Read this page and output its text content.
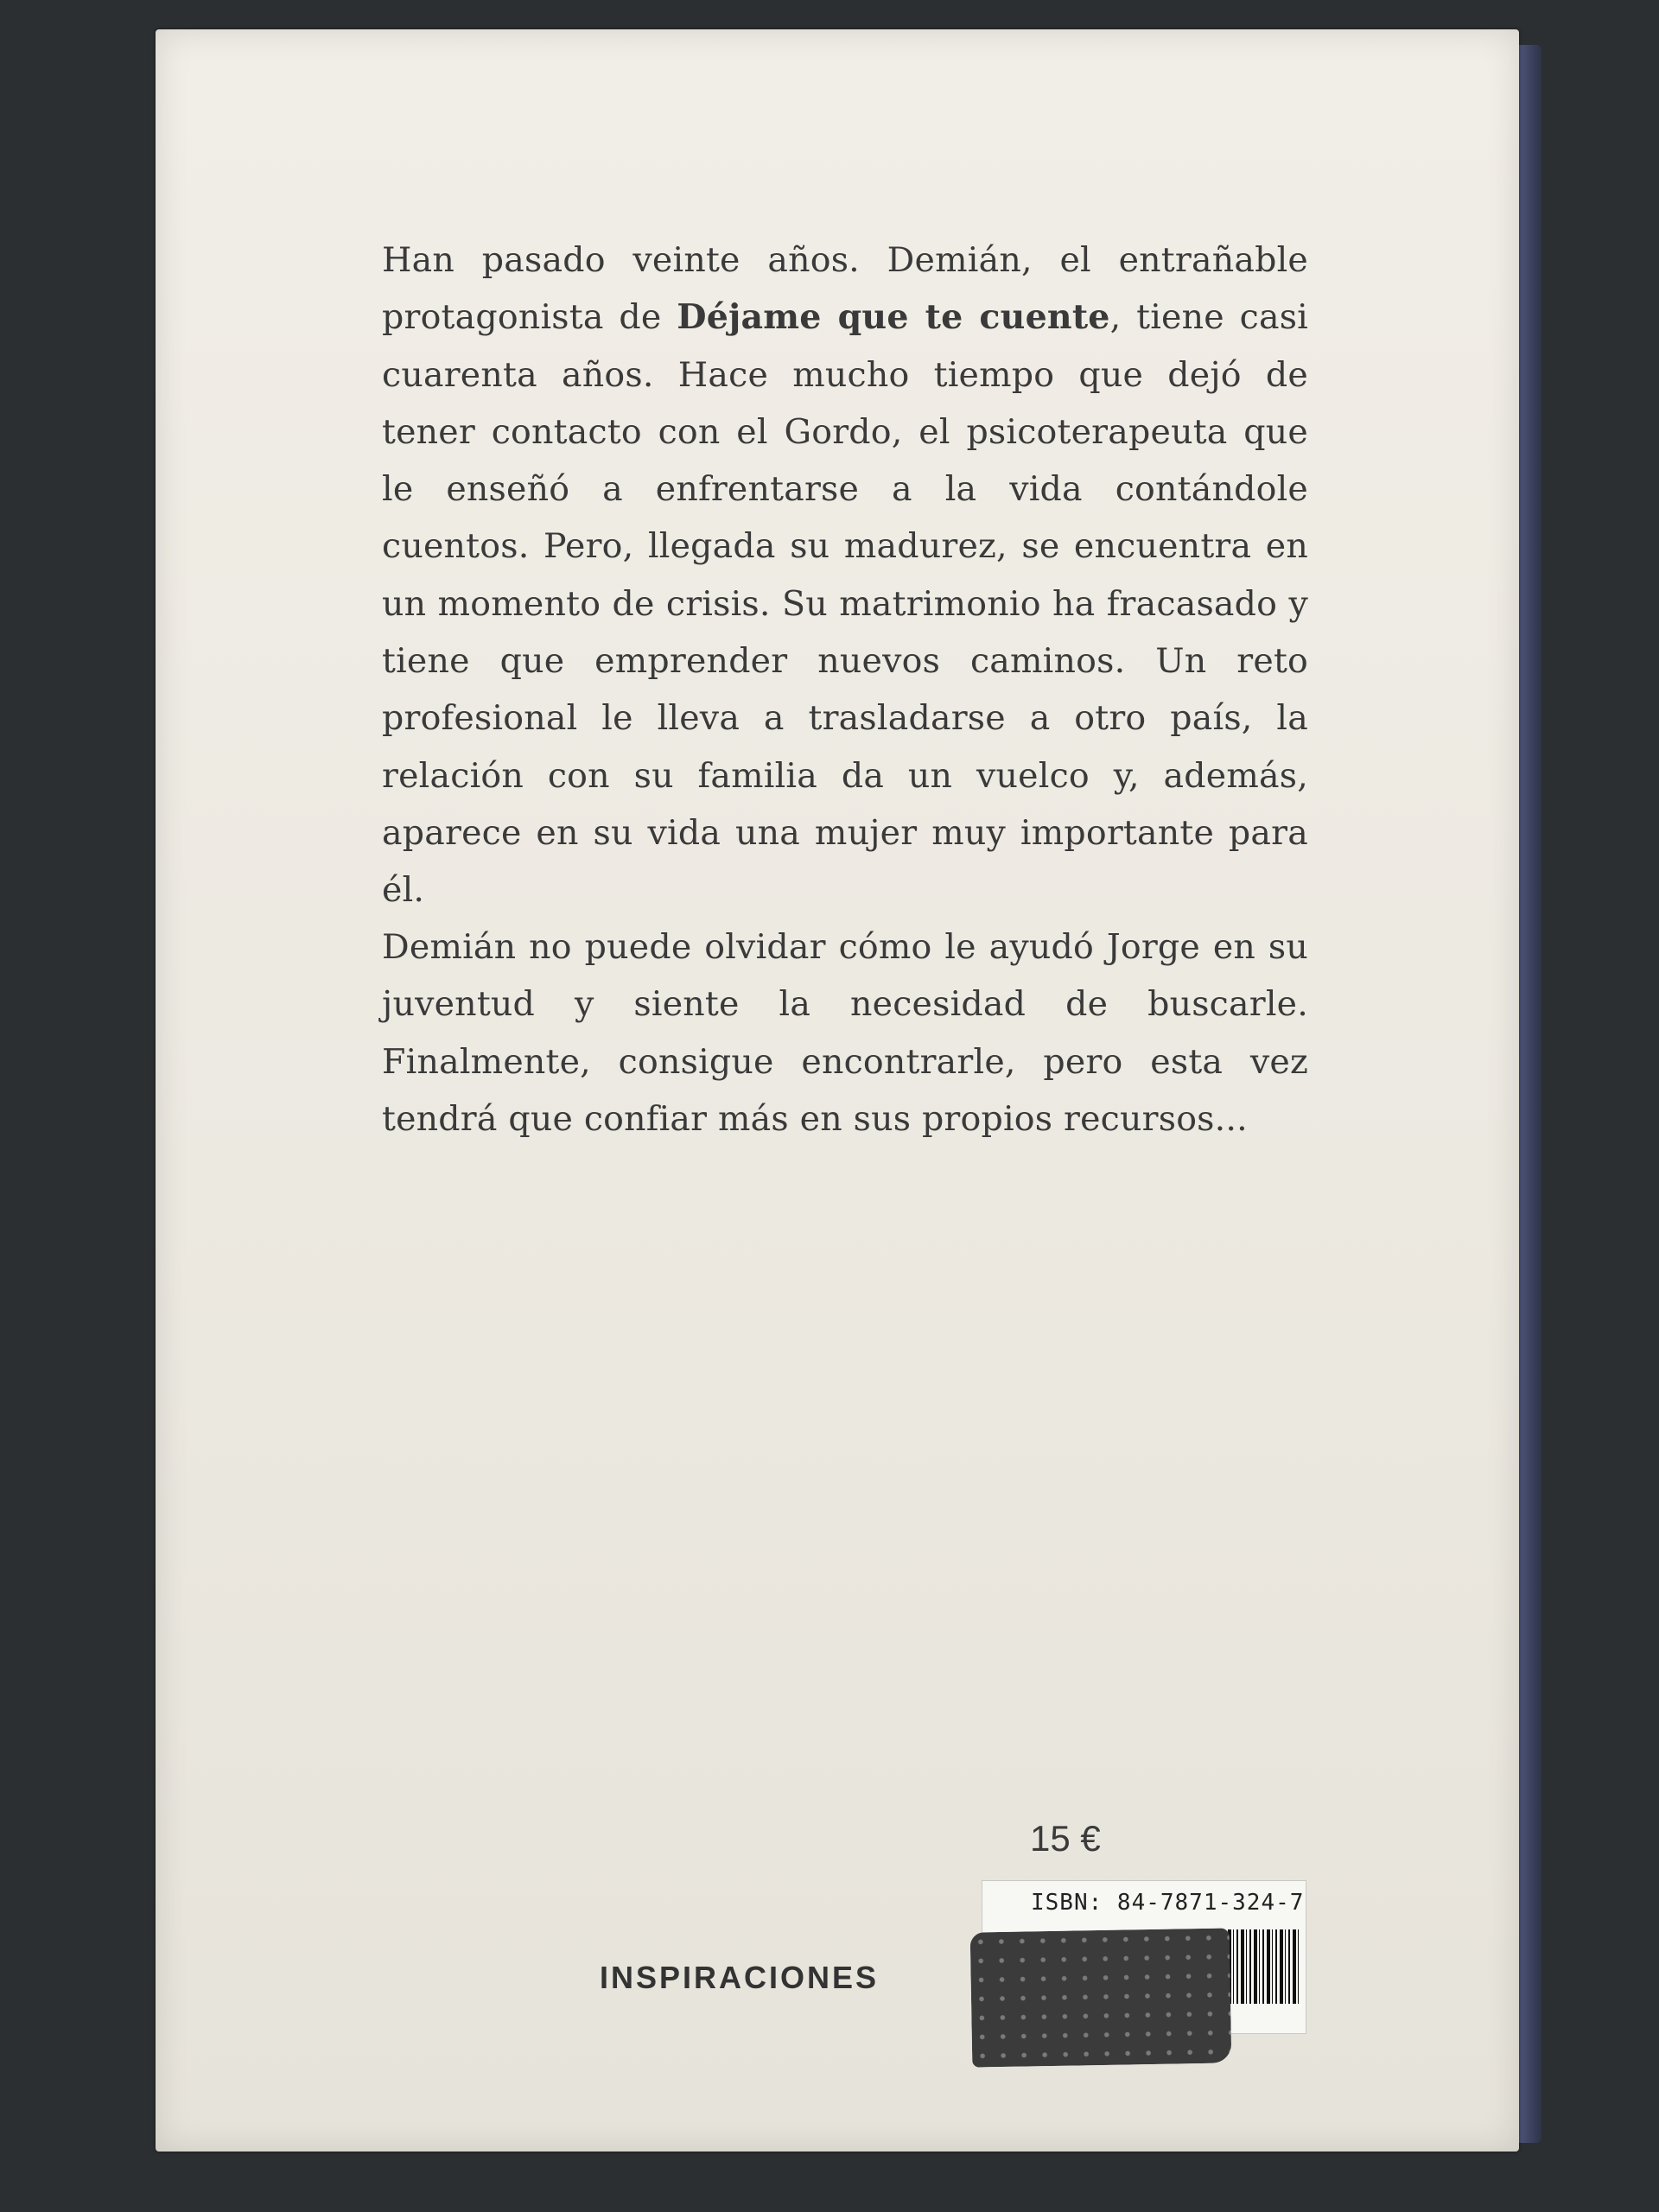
Han pasado veinte años. Demián, el entrañable protagonista de Déjame que te cuente, tiene casi cuarenta años. Hace mucho tiempo que dejó de tener contacto con el Gordo, el psicoterapeuta que le enseñó a enfrentarse a la vida contándole cuentos. Pero, llegada su madurez, se encuentra en un momento de crisis. Su matrimonio ha fracasado y tiene que emprender nuevos caminos. Un reto profesional le lleva a trasladarse a otro país, la relación con su familia da un vuelco y, además, aparece en su vida una mujer muy importante para él.

Demián no puede olvidar cómo le ayudó Jorge en su juventud y siente la necesidad de buscarle. Finalmente, consigue encontrarle, pero esta vez tendrá que confiar más en sus propios recursos...

15 €
INSPIRACIONES
ISBN: 84-7871-324-7
